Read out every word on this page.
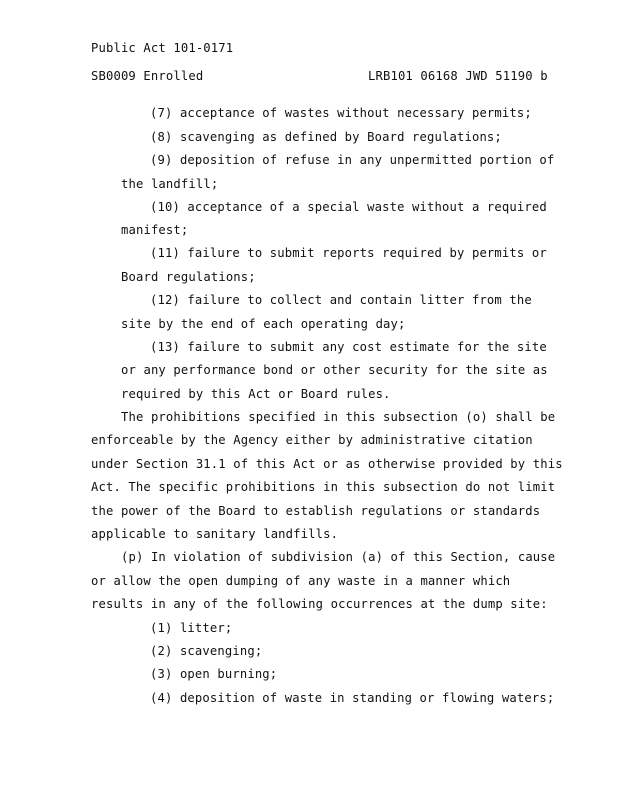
Public Act 101-0171
SB0009 Enrolled	LRB101 06168 JWD 51190 b
(7) acceptance of wastes without necessary permits;
(8) scavenging as defined by Board regulations;
(9) deposition of refuse in any unpermitted portion of
the landfill;
(10) acceptance of a special waste without a required
manifest;
(11) failure to submit reports required by permits or
Board regulations;
(12) failure to collect and contain litter from the
site by the end of each operating day;
(13) failure to submit any cost estimate for the site
or any performance bond or other security for the site as
required by this Act or Board rules.
The prohibitions specified in this subsection (o) shall be
enforceable by the Agency either by administrative citation
under Section 31.1 of this Act or as otherwise provided by this
Act. The specific prohibitions in this subsection do not limit
the power of the Board to establish regulations or standards
applicable to sanitary landfills.
(p) In violation of subdivision (a) of this Section, cause
or allow the open dumping of any waste in a manner which
results in any of the following occurrences at the dump site:
(1) litter;
(2) scavenging;
(3) open burning;
(4) deposition of waste in standing or flowing waters;
